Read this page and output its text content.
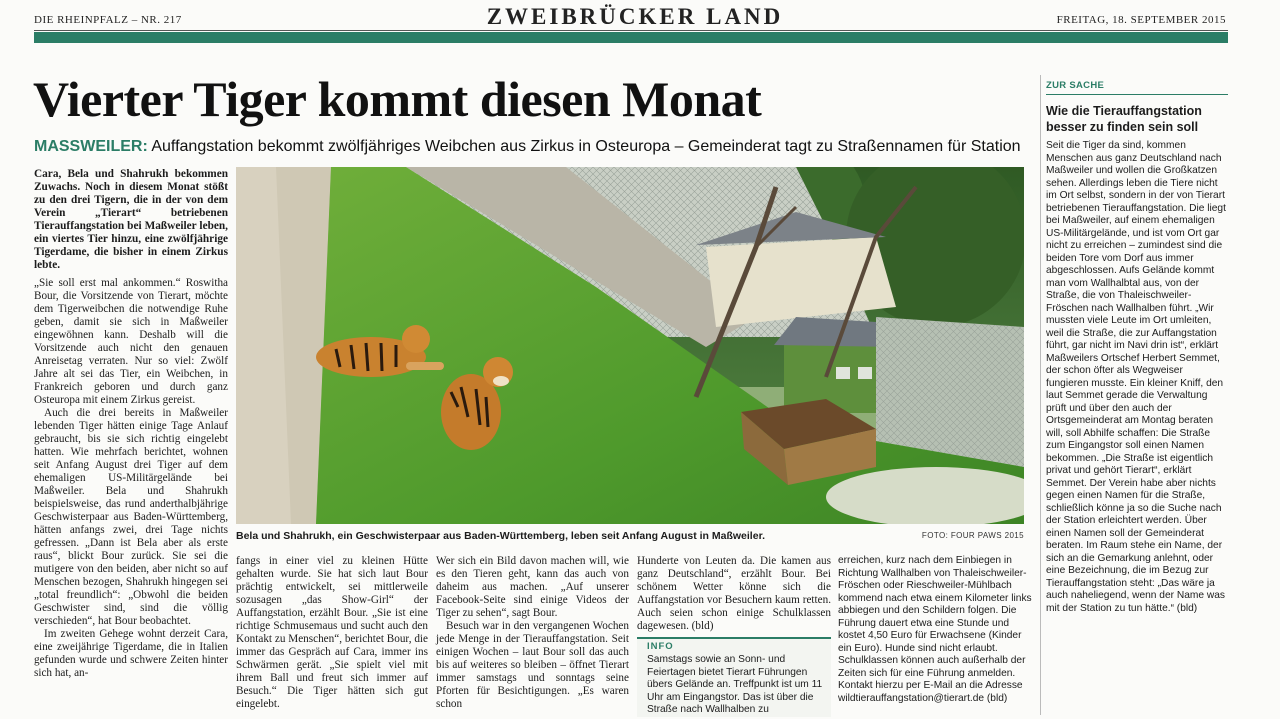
DIE RHEINPFALZ – NR. 217	ZWEIBRÜCKER LAND	FREITAG, 18. SEPTEMBER 2015
Vierter Tiger kommt diesen Monat
MASSWEILER: Auffangstation bekommt zwölfjähriges Weibchen aus Zirkus in Osteuropa – Gemeinderat tagt zu Straßennamen für Station
Cara, Bela und Shahrukh bekommen Zuwachs. Noch in diesem Monat stößt zu den drei Tigern, die in der von dem Verein „Tierart“ betriebenen Tierauffangstation bei Maßweiler leben, ein viertes Tier hinzu, eine zwölfjährige Tigerdame, die bisher in einem Zirkus lebte.

„Sie soll erst mal ankommen.“ Roswitha Bour, die Vorsitzende von Tierart, möchte dem Tigerweibchen die notwendige Ruhe geben, damit sie sich in Maßweiler eingewöhnen kann. Deshalb will die Vorsitzende auch nicht den genauen Anreisetag verraten. Nur so viel: Zwölf Jahre alt sei das Tier, ein Weibchen, in Frankreich geboren und durch ganz Osteuropa mit einem Zirkus gereist.

Auch die drei bereits in Maßweiler lebenden Tiger hätten einige Tage Anlauf gebraucht, bis sie sich richtig eingelebt hatten. Wie mehrfach berichtet, wohnen seit Anfang August drei Tiger auf dem ehemaligen US-Militärgelände bei Maßweiler. Bela und Shahrukh beispielsweise, das rund anderthalbjährige Geschwisterpaar aus Baden-Württemberg, hätten anfangs zwei, drei Tage nichts gefressen. „Dann ist Bela aber als erste raus“, blickt Bour zurück. Sie sei die mutigere von den beiden, aber nicht so auf Menschen bezogen, Shahrukh hingegen sei „total freundlich“: „Obwohl die beiden Geschwister sind, sind die völlig verschieden“, hat Bour beobachtet.

Im zweiten Gehege wohnt derzeit Cara, eine zweijährige Tigerdame, die in Italien gefunden wurde und schwere Zeiten hinter sich hat, an-

Bela und Shahrukh, ein Geschwisterpaar aus Baden-Württemberg, leben seit Anfang August in Maßweiler.	FOTO: FOUR PAWS 2015

fangs in einer viel zu kleinen Hütte gehalten wurde. Sie hat sich laut Bour prächtig entwickelt, sei mittlerweile sozusagen „das Show-Girl“ der Auffangstation, erzählt Bour. „Sie ist eine richtige Schmusemaus und sucht auch den Kontakt zu Menschen“, berichtet Bour, die immer das Gespräch auf Cara, immer ins Schwärmen gerät. „Sie spielt viel mit ihrem Ball und freut sich immer auf Besuch.“ Die Tiger hätten sich gut eingelebt.

Wer sich ein Bild davon machen will, wie es den Tieren geht, kann das auch von daheim aus machen. „Auf unserer Facebook-Seite sind einige Videos der Tiger zu sehen“, sagt Bour.

Besuch war in den vergangenen Wochen jede Menge in der Tierauffangstation. Seit einigen Wochen – laut Bour soll das auch bis auf weiteres so bleiben – öffnet Tierart immer samstags und sonntags seine Pforten für Besichtigungen. „Es waren schon

Hunderte von Leuten da. Die kamen aus ganz Deutschland“, erzählt Bour. Bei schönem Wetter könne sich die Auffangstation vor Besuchern kaum retten. Auch seien schon einige Schulklassen dagewesen. (bld)

INFO
Samstags sowie an Sonn- und Feiertagen bietet Tierart Führungen übers Gelände an. Treffpunkt ist um 11 Uhr am Eingangstor. Das ist über die Straße nach Wallhalben zu
erreichen, kurz nach dem Einbiegen in Richtung Wallhalben von Thaleischweiler-Fröschen oder Rieschweiler-Mühlbach kommend nach etwa einem Kilometer links abbiegen und den Schildern folgen. Die Führung dauert etwa eine Stunde und kostet 4,50 Euro für Erwachsene (Kinder ein Euro). Hunde sind nicht erlaubt. Schulklassen können auch außerhalb der Zeiten sich für eine Führung anmelden. Kontakt hierzu per E-Mail an die Adresse wildtierauffangstation@tierart.de (bld)
ZUR SACHE
Wie die Tierauffangstation besser zu finden sein soll
Seit die Tiger da sind, kommen Menschen aus ganz Deutschland nach Maßweiler und wollen die Großkatzen sehen. Allerdings leben die Tiere nicht im Ort selbst, sondern in der von Tierart betriebenen Tierauffangstation. Die liegt bei Maßweiler, auf einem ehemaligen US-Militärgelände, und ist vom Ort gar nicht zu erreichen – zumindest sind die beiden Tore vom Dorf aus immer abgeschlossen. Aufs Gelände kommt man vom Wallhalbtal aus, von der Straße, die von Thaleischweiler-Fröschen nach Wallhalben führt. „Wir mussten viele Leute im Ort umleiten, weil die Straße, die zur Auffangstation führt, gar nicht im Navi drin ist“, erklärt Maßweilers Ortschef Herbert Semmet, der schon öfter als Wegweiser fungieren musste. Ein kleiner Kniff, den laut Semmet gerade die Verwaltung prüft und über den auch der Ortsgemeinderat am Montag beraten will, soll Abhilfe schaffen: Die Straße zum Eingangstor soll einen Namen bekommen. „Die Straße ist eigentlich privat und gehört Tierart“, erklärt Semmet. Der Verein habe aber nichts gegen einen Namen für die Straße, schließlich könne ja so die Suche nach der Station erleichtert werden. Über einen Namen soll der Gemeinderat beraten. Im Raum stehe ein Name, der sich an die Gemarkung anlehnt, oder eine Bezeichnung, die im Bezug zur Tierauffangstation steht: „Das wäre ja auch naheliegend, wenn der Name was mit der Station zu tun hätte.“ (bld)
